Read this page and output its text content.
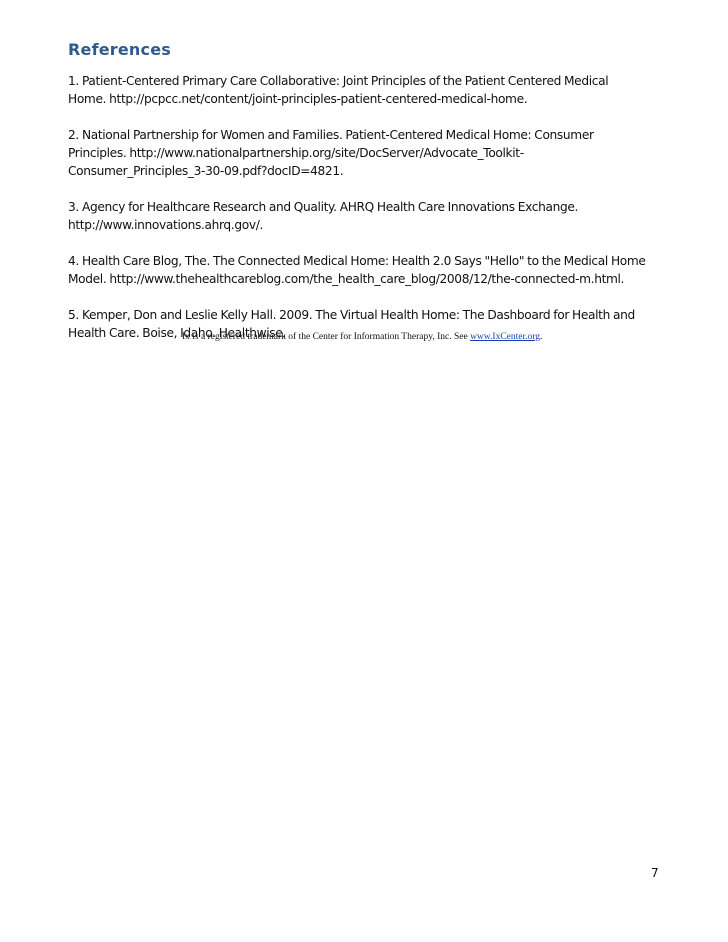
References
1. Patient-Centered Primary Care Collaborative: Joint Principles of the Patient Centered Medical
Home. http://pcpcc.net/content/joint-principles-patient-centered-medical-home.
2. National Partnership for Women and Families. Patient-Centered Medical Home: Consumer
Principles. http://www.nationalpartnership.org/site/DocServer/Advocate_Toolkit-
Consumer_Principles_3-30-09.pdf?docID=4821.
3. Agency for Healthcare Research and Quality. AHRQ Health Care Innovations Exchange.
http://www.innovations.ahrq.gov/.
4. Health Care Blog, The. The Connected Medical Home: Health 2.0 Says "Hello" to the Medical Home
Model. http://www.thehealthcareblog.com/the_health_care_blog/2008/12/the-connected-m.html.
5. Kemper, Don and Leslie Kelly Hall. 2009. The Virtual Health Home: The Dashboard for Health and
Health Care. Boise, Idaho. Healthwise.
Ix is a registered trademark of the Center for Information Therapy, Inc. See www.IxCenter.org.
7
